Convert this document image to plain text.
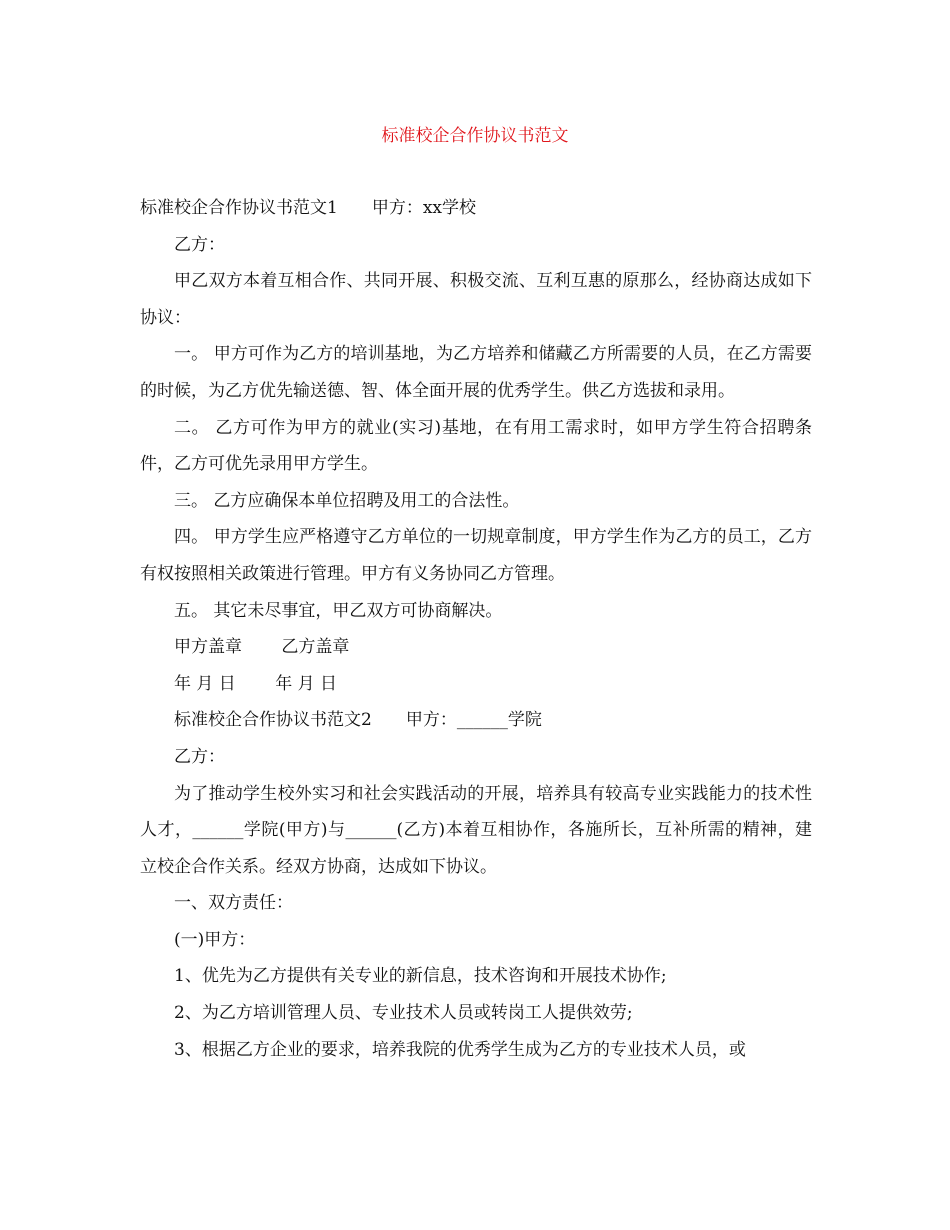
标准校企合作协议书范文

标准校企合作协议书范文1　　甲方：xx学校

乙方：

甲乙双方本着互相合作、共同开展、积极交流、互利互惠的原那么，经协商达成如下协议：

一。 甲方可作为乙方的培训基地，为乙方培养和储藏乙方所需要的人员，在乙方需要的时候，为乙方优先输送德、智、体全面开展的优秀学生。供乙方选拔和录用。

二。 乙方可作为甲方的就业(实习)基地，在有用工需求时，如甲方学生符合招聘条件，乙方可优先录用甲方学生。

三。 乙方应确保本单位招聘及用工的合法性。

四。 甲方学生应严格遵守乙方单位的一切规章制度，甲方学生作为乙方的员工，乙方有权按照相关政策进行管理。甲方有义务协同乙方管理。

五。 其它未尽事宜，甲乙双方可协商解决。

甲方盖章　　 乙方盖章

年 月 日　　 年 月 日

标准校企合作协议书范文2　　甲方：______学院

乙方：

为了推动学生校外实习和社会实践活动的开展，培养具有较高专业实践能力的技术性人才，______学院(甲方)与______(乙方)本着互相协作，各施所长，互补所需的精神，建立校企合作关系。经双方协商，达成如下协议。

一、双方责任：

(一)甲方：

1、优先为乙方提供有关专业的新信息，技术咨询和开展技术协作;

2、为乙方培训管理人员、专业技术人员或转岗工人提供效劳;

3、根据乙方企业的要求，培养我院的优秀学生成为乙方的专业技术人员，或
